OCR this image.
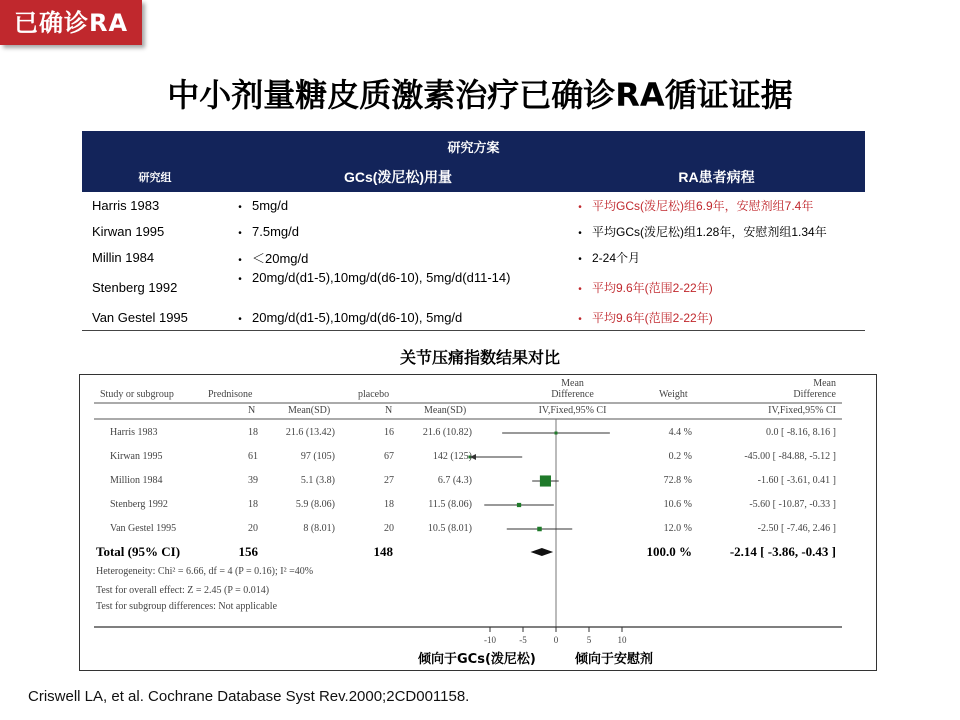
已确诊RA
中小剂量糖皮质激素治疗已确诊RA循证证据
研究方案		
研究组	GCs(泼尼松)用量	RA患者病程
Harris 1983	• 5mg/d	• 平均GCs(泼尼松)组6.9年，安慰剂组7.4年
Kirwan 1995	• 7.5mg/d	• 平均GCs(泼尼松)组1.28年，安慰剂组1.34年
Millin 1984	• ＜20mg/d	• 2-24个月
Stenberg 1992	• 20mg/d(d1-5),10mg/d(d6-10), 5mg/d(d11-14)	• 平均9.6年(范围2-22年)
Van Gestel 1995	• 20mg/d(d1-5),10mg/d(d6-10), 5mg/d	• 平均9.6年(范围2-22年)
关节压痛指数结果对比
-10	-5	0	5	10
Study or subgroup	Prednisone	placebo
Mean
Difference	Weight
Mean
Difference
N	Mean(SD)	N	Mean(SD)	IV,Fixed,95% CI	IV,Fixed,95% CI
Harris 1983	18	21.6 (13.42)	16	21.6 (10.82)	4.4 %	0.0 [ -8.16, 8.16 ]
Kirwan 1995	61	97 (105)	67	142 (125)	0.2 %	-45.00 [ -84.88, -5.12 ]
Million 1984	39	5.1 (3.8)	27	6.7 (4.3)	72.8 %	-1.60 [ -3.61, 0.41 ]
Stenberg 1992	18	5.9 (8.06)	18	11.5 (8.06)	10.6 %	-5.60 [ -10.87, -0.33 ]
Van Gestel 1995	20	8 (8.01)	20	10.5 (8.01)	12.0 %	-2.50 [ -7.46, 2.46 ]
Total (95% CI)	156	148	100.0 %	-2.14 [ -3.86, -0.43 ]
Heterogeneity: Chi² = 6.66, df = 4 (P = 0.16); I² =40%
Test for overall effect: Z = 2.45 (P = 0.014)
Test for subgroup differences: Not applicable
倾向于GCs(泼尼松)	倾向于安慰剂
Criswell LA, et al. Cochrane Database Syst Rev.2000;2CD001158.
